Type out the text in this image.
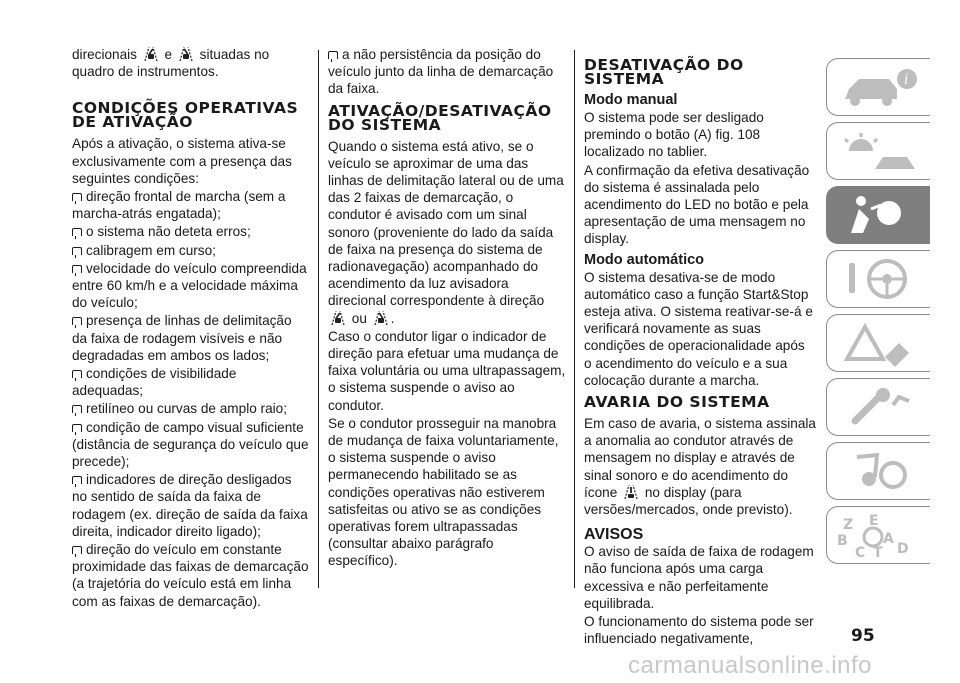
direcionais e situadas no quadro de instrumentos.

CONDIÇÕES OPERATIVAS DE ATIVAÇÃO

Após a ativação, o sistema ativa-se exclusivamente com a presença das seguintes condições:

direção frontal de marcha (sem a marcha-atrás engatada);

o sistema não deteta erros;

calibragem em curso;

velocidade do veículo compreendida entre 60 km/h e a velocidade máxima do veículo;

presença de linhas de delimitação da faixa de rodagem visíveis e não degradadas em ambos os lados;

condições de visibilidade adequadas;

retilíneo ou curvas de amplo raio;

condição de campo visual suficiente (distância de segurança do veículo que precede);

indicadores de direção desligados no sentido de saída da faixa de rodagem (ex. direção de saída da faixa direita, indicador direito ligado);

direção do veículo em constante proximidade das faixas de demarcação (a trajetória do veículo está em linha com as faixas de demarcação).

a não persistência da posição do veículo junto da linha de demarcação da faixa.

ATIVAÇÃO/DESATIVAÇÃO DO SISTEMA

Quando o sistema está ativo, se o veículo se aproximar de uma das linhas de delimitação lateral ou de uma das 2 faixas de demarcação, o condutor é avisado com um sinal sonoro (proveniente do lado da saída de faixa na presença do sistema de radionavegação) acompanhado do acendimento da luz avisadora direcional correspondente à direção  ou .

Caso o condutor ligar o indicador de direção para efetuar uma mudança de faixa voluntária ou uma ultrapassagem, o sistema suspende o aviso ao condutor.

Se o condutor prosseguir na manobra de mudança de faixa voluntariamente, o sistema suspende o aviso permanecendo habilitado se as condições operativas não estiverem satisfeitas ou ativo se as condições operativas forem ultrapassadas (consultar abaixo parágrafo específico).

DESATIVAÇÃO DO SISTEMA
Modo manual

O sistema pode ser desligado premindo o botão (A) fig. 108 localizado no tablier.

A confirmação da efetiva desativação do sistema é assinalada pelo acendimento do LED no botão e pela apresentação de uma mensagem no display.

Modo automático

O sistema desativa-se de modo automático caso a função Start&Stop esteja ativa. O sistema reativar-se-á e verificará novamente as suas condições de operacionalidade após o acendimento do veículo e a sua colocação durante a marcha.

AVARIA DO SISTEMA

Em caso de avaria, o sistema assinala a anomalia ao condutor através de mensagem no display e através de sinal sonoro e do acendimento do ícone no display (para versões/mercados, onde previsto).

AVISOS

O aviso de saída de faixa de rodagem não funciona após uma carga excessiva e não perfeitamente equilibrada.

O funcionamento do sistema pode ser influenciado negativamente,

i
Z E
B	A
C T D
95
carmanualsonline.info
